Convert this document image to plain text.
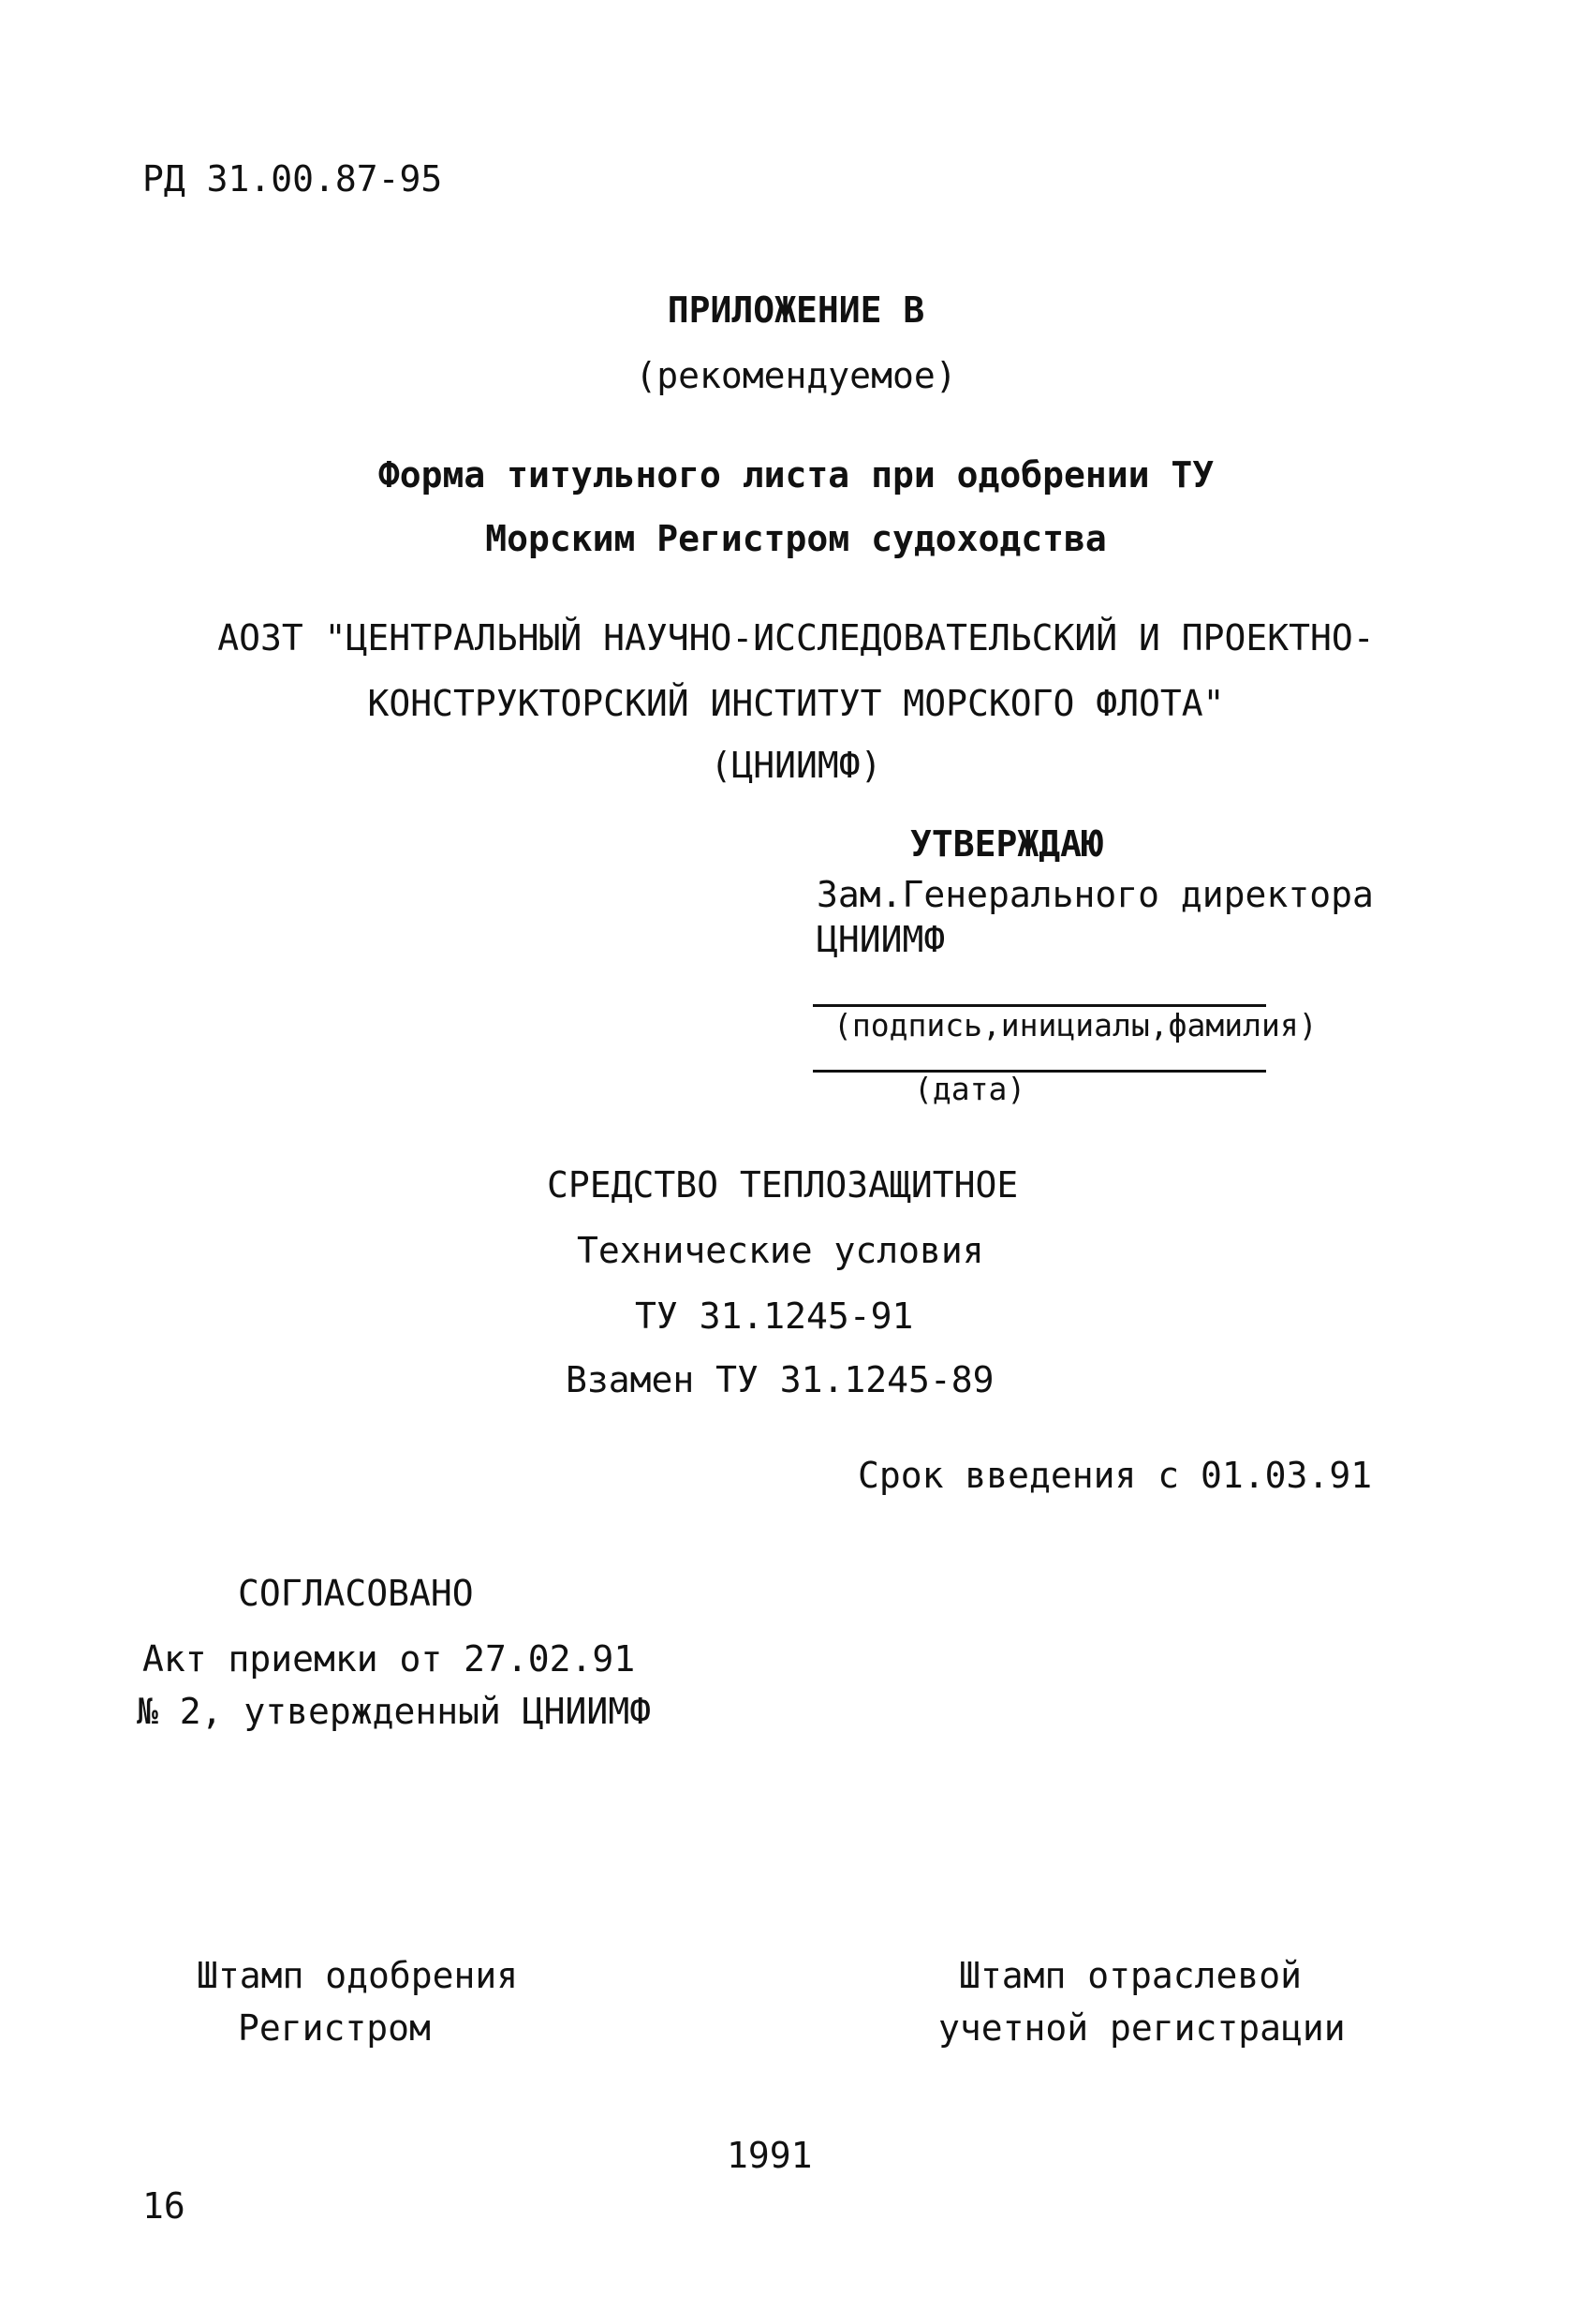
РД 31.00.87-95
ПРИЛОЖЕНИЕ В
(рекомендуемое)
Форма титульного листа при одобрении ТУ
Морским Регистром судоходства
АОЗТ "ЦЕНТРАЛЬНЫЙ НАУЧНО-ИССЛЕДОВАТЕЛЬСКИЙ И ПРОЕКТНО-
КОНСТРУКТОРСКИЙ ИНСТИТУТ МОРСКОГО ФЛОТА"
(ЦНИИМФ)
УТВЕРЖДАЮ
Зам.Генерального директора
ЦНИИМФ
(подпись,инициалы,фамилия)
(дата)
СРЕДСТВО ТЕПЛОЗАЩИТНОЕ
Технические условия
ТУ 31.1245-91
Взамен ТУ 31.1245-89
Срок введения с 01.03.91
СОГЛАСОВАНО
Акт приемки от 27.02.91
№ 2, утвержденный ЦНИИМФ
Штамп одобрения
Регистром
Штамп отраслевой
учетной регистрации
1991
16
